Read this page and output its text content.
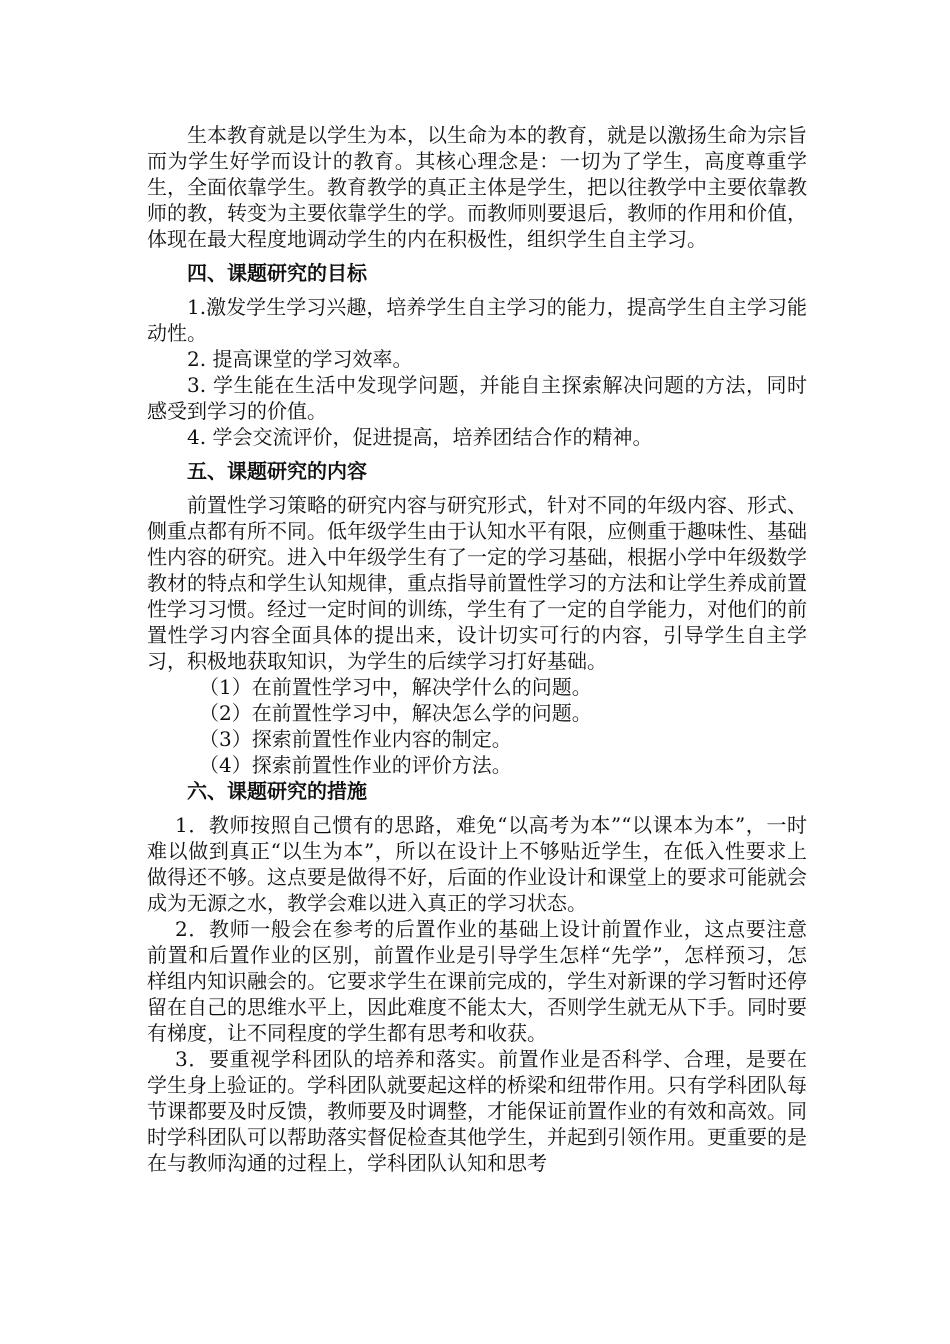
生本教育就是以学生为本，以生命为本的教育，就是以激扬生命为宗旨而为学生好学而设计的教育。其核心理念是：一切为了学生，高度尊重学生，全面依靠学生。教育教学的真正主体是学生，把以往教学中主要依靠教师的教，转变为主要依靠学生的学。而教师则要退后，教师的作用和价值，体现在最大程度地调动学生的内在积极性，组织学生自主学习。

四、课题研究的目标

1.激发学生学习兴趣，培养学生自主学习的能力，提高学生自主学习能动性。

2. 提高课堂的学习效率。

3. 学生能在生活中发现学问题，并能自主探索解决问题的方法，同时感受到学习的价值。

4. 学会交流评价，促进提高，培养团结合作的精神。

五、课题研究的内容

前置性学习策略的研究内容与研究形式，针对不同的年级内容、形式、侧重点都有所不同。低年级学生由于认知水平有限，应侧重于趣味性、基础性内容的研究。进入中年级学生有了一定的学习基础，根据小学中年级数学教材的特点和学生认知规律，重点指导前置性学习的方法和让学生养成前置性学习习惯。经过一定时间的训练，学生有了一定的自学能力，对他们的前置性学习内容全面具体的提出来，设计切实可行的内容，引导学生自主学习，积极地获取知识，为学生的后续学习打好基础。

（1）在前置性学习中，解决学什么的问题。

（2）在前置性学习中，解决怎么学的问题。

（3）探索前置性作业内容的制定。

（4）探索前置性作业的评价方法。

六、课题研究的措施

1．教师按照自己惯有的思路，难免“以高考为本”“以课本为本”，一时难以做到真正“以生为本”，所以在设计上不够贴近学生，在低入性要求上做得还不够。这点要是做得不好，后面的作业设计和课堂上的要求可能就会成为无源之水，教学会难以进入真正的学习状态。

2．教师一般会在参考的后置作业的基础上设计前置作业，这点要注意前置和后置作业的区别，前置作业是引导学生怎样“先学”，怎样预习，怎样组内知识融会的。它要求学生在课前完成的，学生对新课的学习暂时还停留在自己的思维水平上，因此难度不能太大，否则学生就无从下手。同时要有梯度，让不同程度的学生都有思考和收获。

3．要重视学科团队的培养和落实。前置作业是否科学、合理，是要在学生身上验证的。学科团队就要起这样的桥梁和纽带作用。只有学科团队每节课都要及时反馈，教师要及时调整，才能保证前置作业的有效和高效。同时学科团队可以帮助落实督促检查其他学生，并起到引领作用。更重要的是在与教师沟通的过程上，学科团队认知和思考
